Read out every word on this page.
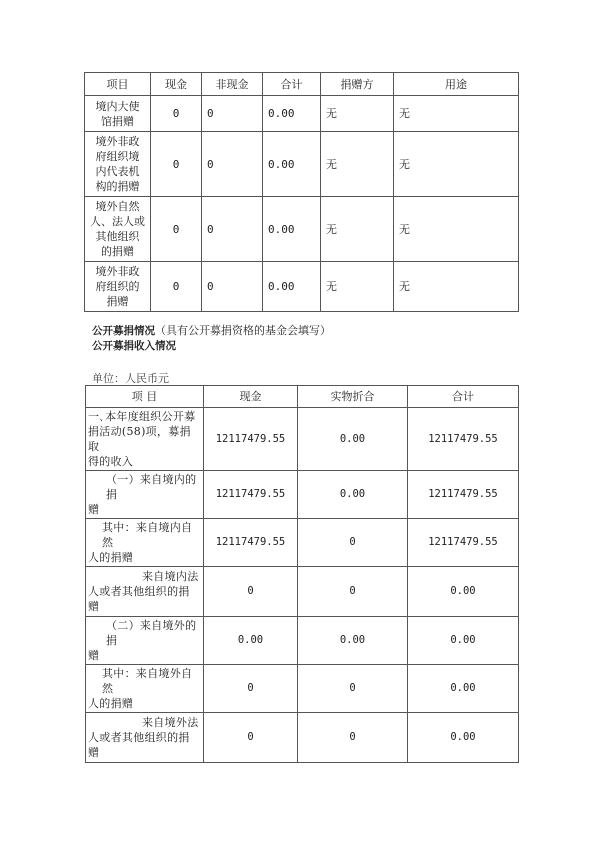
项目	现金	非现金	合计	捐赠方	用途

境内大使
馆捐赠	0	0	0.00	无	无

境外非政
府组织境
内代表机
构的捐赠	0	0	0.00	无	无

境外自然
人、法人或
其他组织
的捐赠	0	0	0.00	无	无

境外非政
府组织的
捐赠	0	0	0.00	无	无
公开募捐情况（具有公开募捐资格的基金会填写）
公开募捐收入情况
单位：人民币元
项 目	现金	实物折合	合计

一､本年度组织公开募
捐活动(58)项，募捐取
得的收入	12117479.55	0.00	12117479.55

（一）来自境内的捐
赠	12117479.55	0.00	12117479.55

其中：来自境内自然
人的捐赠	12117479.55	0	12117479.55

来自境内法
人或者其他组织的捐
赠	0	0	0.00

（二）来自境外的捐
赠	0.00	0.00	0.00

其中：来自境外自然
人的捐赠	0	0	0.00

来自境外法
人或者其他组织的捐
赠	0	0	0.00
